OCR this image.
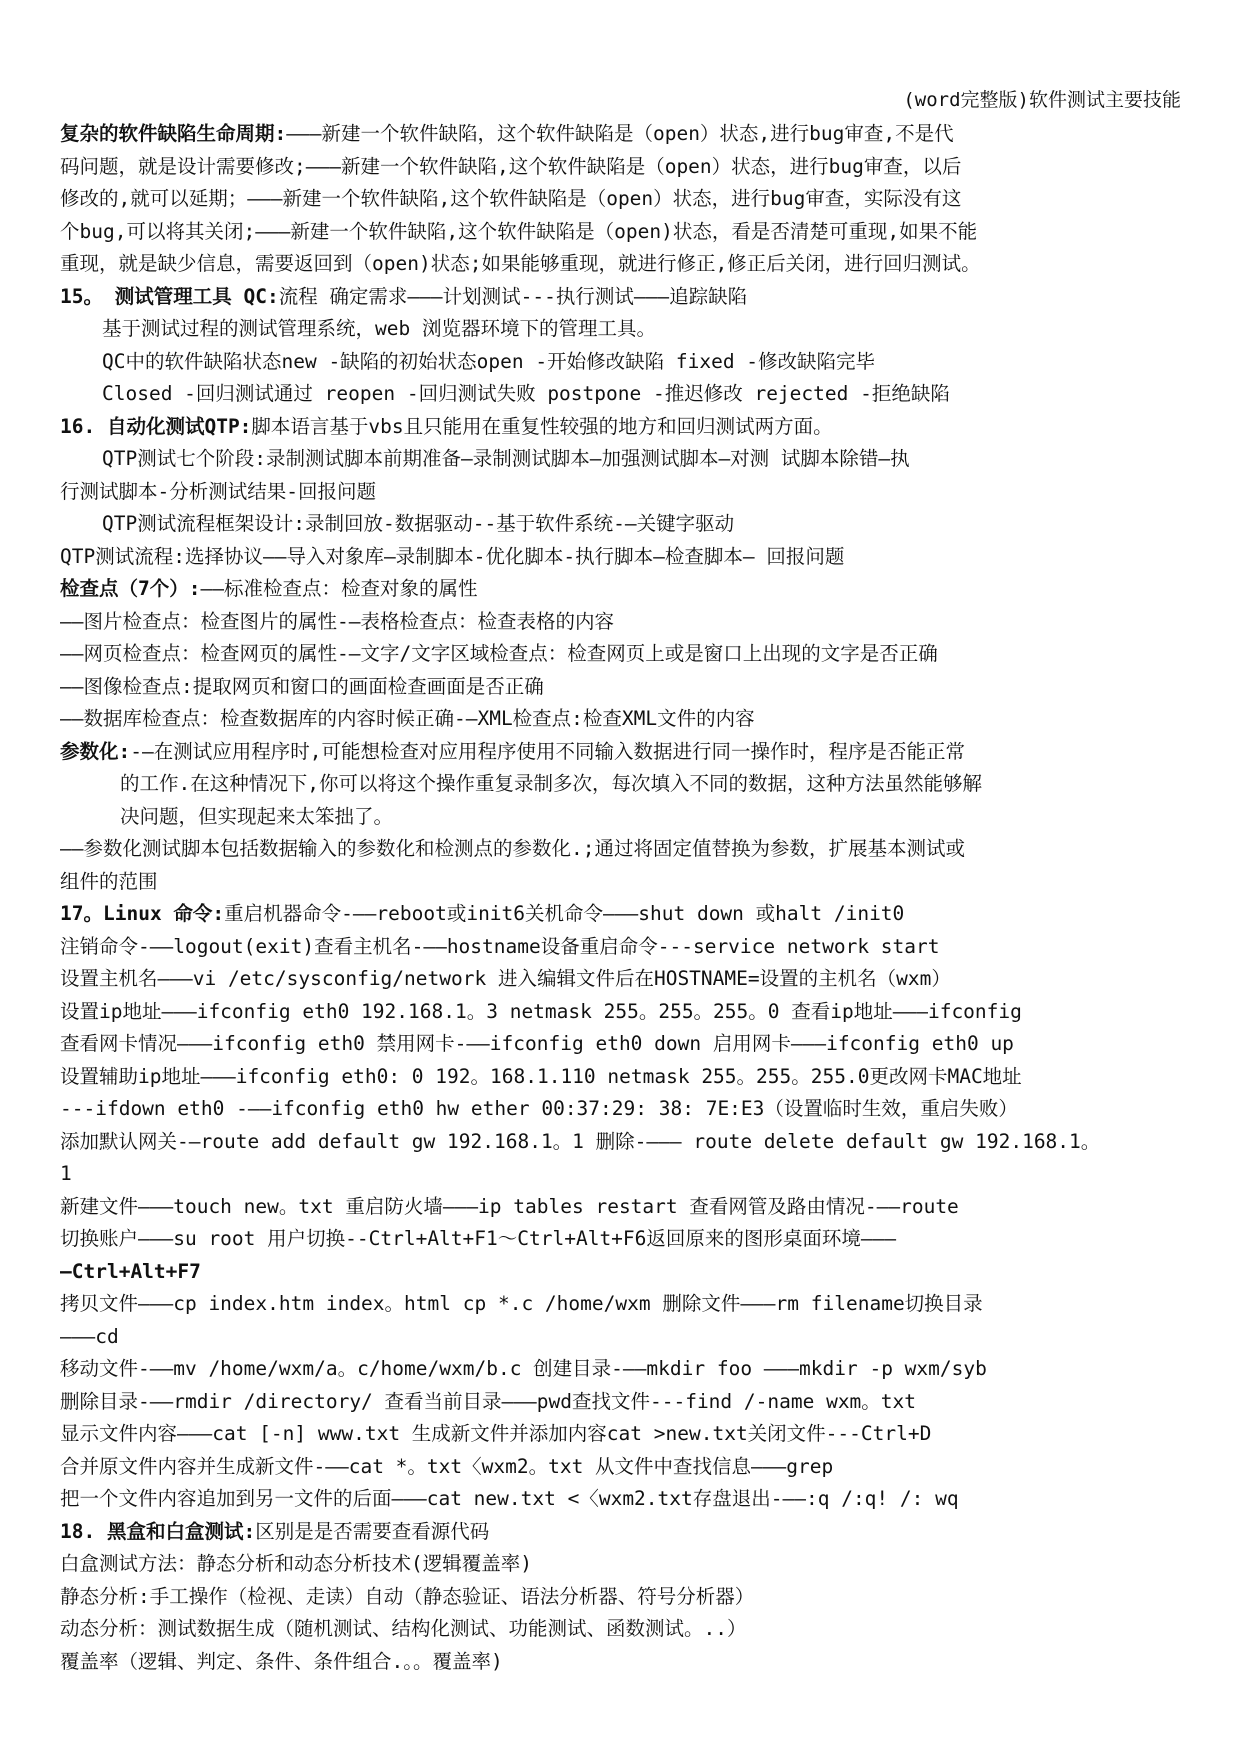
(word完整版)软件测试主要技能
复杂的软件缺陷生命周期:———新建一个软件缺陷，这个软件缺陷是（open）状态,进行bug审查,不是代
码问题，就是设计需要修改;———新建一个软件缺陷,这个软件缺陷是（open）状态，进行bug审查，以后
修改的,就可以延期；———新建一个软件缺陷,这个软件缺陷是（open）状态，进行bug审查，实际没有这
个bug,可以将其关闭;———新建一个软件缺陷,这个软件缺陷是（open)状态，看是否清楚可重现,如果不能
重现，就是缺少信息，需要返回到（open)状态;如果能够重现，就进行修正,修正后关闭，进行回归测试。
15。 测试管理工具 QC:流程 确定需求———计划测试---执行测试———追踪缺陷
基于测试过程的测试管理系统，web 浏览器环境下的管理工具。
QC中的软件缺陷状态new -缺陷的初始状态open -开始修改缺陷 fixed -修改缺陷完毕
Closed -回归测试通过 reopen -回归测试失败 postpone -推迟修改 rejected -拒绝缺陷
16. 自动化测试QTP:脚本语言基于vbs且只能用在重复性较强的地方和回归测试两方面。
QTP测试七个阶段:录制测试脚本前期准备—录制测试脚本—加强测试脚本—对测 试脚本除错—执
行测试脚本-分析测试结果-回报问题
QTP测试流程框架设计:录制回放-数据驱动--基于软件系统-—关键字驱动
QTP测试流程:选择协议——导入对象库—录制脚本-优化脚本-执行脚本—检查脚本— 回报问题
检查点（7个）:——标准检查点：检查对象的属性
——图片检查点：检查图片的属性-—表格检查点：检查表格的内容
——网页检查点：检查网页的属性-—文字/文字区域检查点：检查网页上或是窗口上出现的文字是否正确
——图像检查点:提取网页和窗口的画面检查画面是否正确
——数据库检查点：检查数据库的内容时候正确-—XML检查点:检查XML文件的内容
参数化:-—在测试应用程序时,可能想检查对应用程序使用不同输入数据进行同一操作时，程序是否能正常
的工作.在这种情况下,你可以将这个操作重复录制多次，每次填入不同的数据，这种方法虽然能够解
决问题，但实现起来太笨拙了。
——参数化测试脚本包括数据输入的参数化和检测点的参数化.;通过将固定值替换为参数，扩展基本测试或
组件的范围
17。Linux 命令:重启机器命令-——reboot或init6关机命令———shut down 或halt /init0
注销命令-——logout(exit)查看主机名-——hostname设备重启命令---service network start
设置主机名———vi /etc/sysconfig/network 进入编辑文件后在HOSTNAME=设置的主机名（wxm）
设置ip地址———ifconfig eth0 192.168.1。3 netmask 255。255。255。0 查看ip地址———ifconfig
查看网卡情况———ifconfig eth0 禁用网卡-——ifconfig eth0 down 启用网卡———ifconfig eth0 up
设置辅助ip地址———ifconfig eth0: 0 192。168.1.110 netmask 255。255。255.0更改网卡MAC地址
---ifdown eth0 -——ifconfig eth0 hw ether 00:37:29: 38: 7E:E3（设置临时生效，重启失败）
添加默认网关-—route add default gw 192.168.1。1 删除-——— route delete default gw 192.168.1。
1
新建文件———touch new。txt 重启防火墙———ip tables restart 查看网管及路由情况-——route
切换账户———su root 用户切换--Ctrl+Alt+F1～Ctrl+Alt+F6返回原来的图形桌面环境———
—Ctrl+Alt+F7
拷贝文件———cp index.htm index。html cp *.c /home/wxm 删除文件———rm filename切换目录
———cd
移动文件-——mv /home/wxm/a。c/home/wxm/b.c 创建目录-——mkdir foo ———mkdir -p wxm/syb
删除目录-——rmdir /directory/ 查看当前目录———pwd查找文件---find /-name wxm。txt
显示文件内容———cat [-n] www.txt 生成新文件并添加内容cat >new.txt关闭文件---Ctrl+D
合并原文件内容并生成新文件-——cat *。txt〈wxm2。txt 从文件中查找信息———grep
把一个文件内容追加到另一文件的后面———cat new.txt <〈wxm2.txt存盘退出-——:q /:q! /: wq
18. 黑盒和白盒测试:区别是是否需要查看源代码
白盒测试方法：静态分析和动态分析技术(逻辑覆盖率)
静态分析:手工操作（检视、走读）自动（静态验证、语法分析器、符号分析器）
动态分析：测试数据生成（随机测试、结构化测试、功能测试、函数测试。..）
覆盖率（逻辑、判定、条件、条件组合.。。覆盖率)
